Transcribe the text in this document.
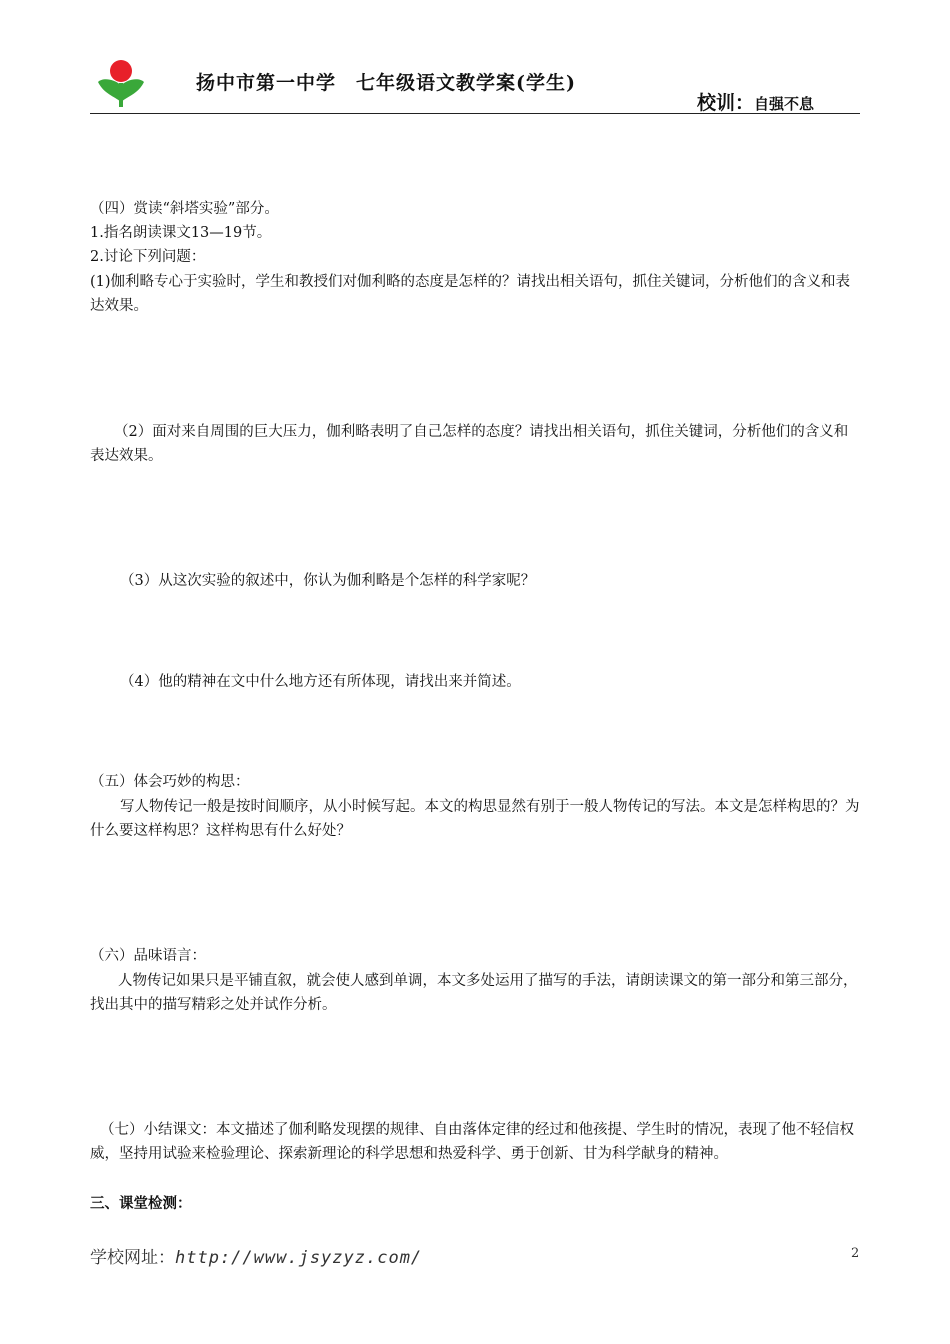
扬中市第一中学　七年级语文教学案(学生)
校训：自强不息

（四）赏读“斜塔实验”部分。

1.指名朗读课文13—19节。

2.讨论下列问题：

(1)伽利略专心于实验时，学生和教授们对伽利略的态度是怎样的？请找出相关语句，抓住关键词，分析他们的含义和表达效果。

（2）面对来自周围的巨大压力，伽利略表明了自己怎样的态度？请找出相关语句，抓住关键词，分析他们的含义和表达效果。

（3）从这次实验的叙述中，你认为伽利略是个怎样的科学家呢？

（4）他的精神在文中什么地方还有所体现，请找出来并简述。

（五）体会巧妙的构思：

写人物传记一般是按时间顺序，从小时候写起。本文的构思显然有别于一般人物传记的写法。本文是怎样构思的？为什么要这样构思？这样构思有什么好处？

（六）品味语言：

人物传记如果只是平铺直叙，就会使人感到单调，本文多处运用了描写的手法，请朗读课文的第一部分和第三部分，找出其中的描写精彩之处并试作分析。

（七）小结课文：本文描述了伽利略发现摆的规律、自由落体定律的经过和他孩提、学生时的情况，表现了他不轻信权威，坚持用试验来检验理论、探索新理论的科学思想和热爱科学、勇于创新、甘为科学献身的精神。

三、课堂检测：

学校网址：http://www.jsyzyz.com/	2
